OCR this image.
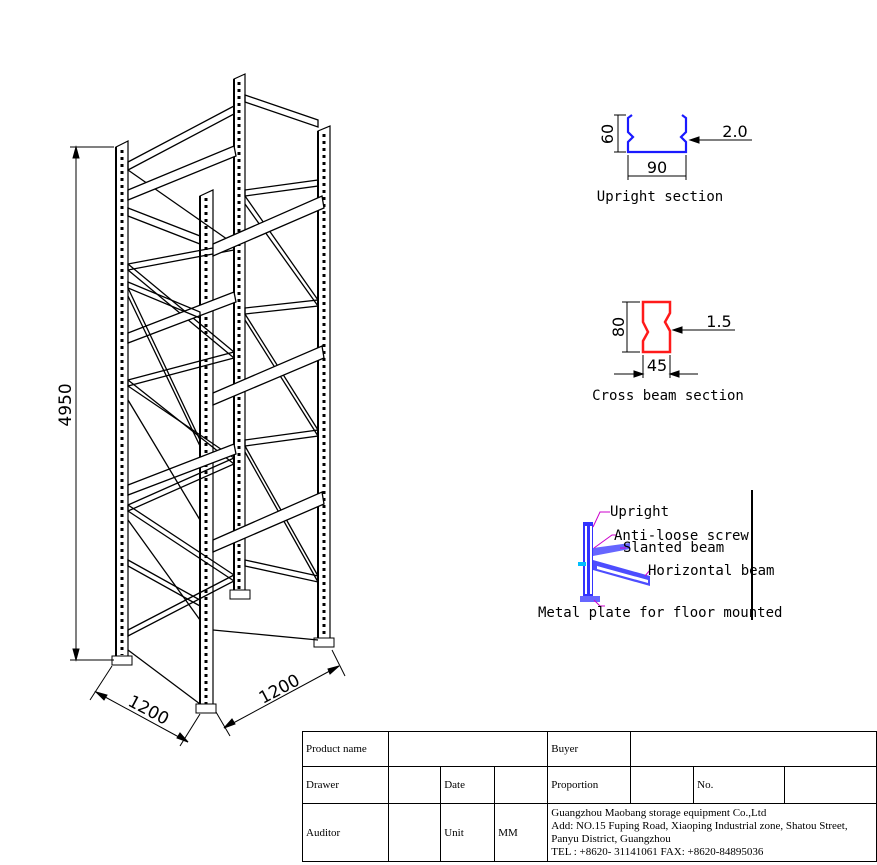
4950
1200
1200
60
90
2.0
Upright section
80
45
1.5
Cross beam section
Upright
Anti-loose screw
Slanted beam
Horizontal beam
Metal plate for floor mounted
Product name				Buyer			
Drawer		Date		Proportion		No.	
Auditor		Unit	MM	Guangzhou Maobang storage equipment Co.,Ltd
Add: NO.15 Fuping Road, Xiaoping Industrial zone, Shatou Street,
Panyu District, Guangzhou
TEL : +8620- 31141061 FAX: +8620-84895036			
